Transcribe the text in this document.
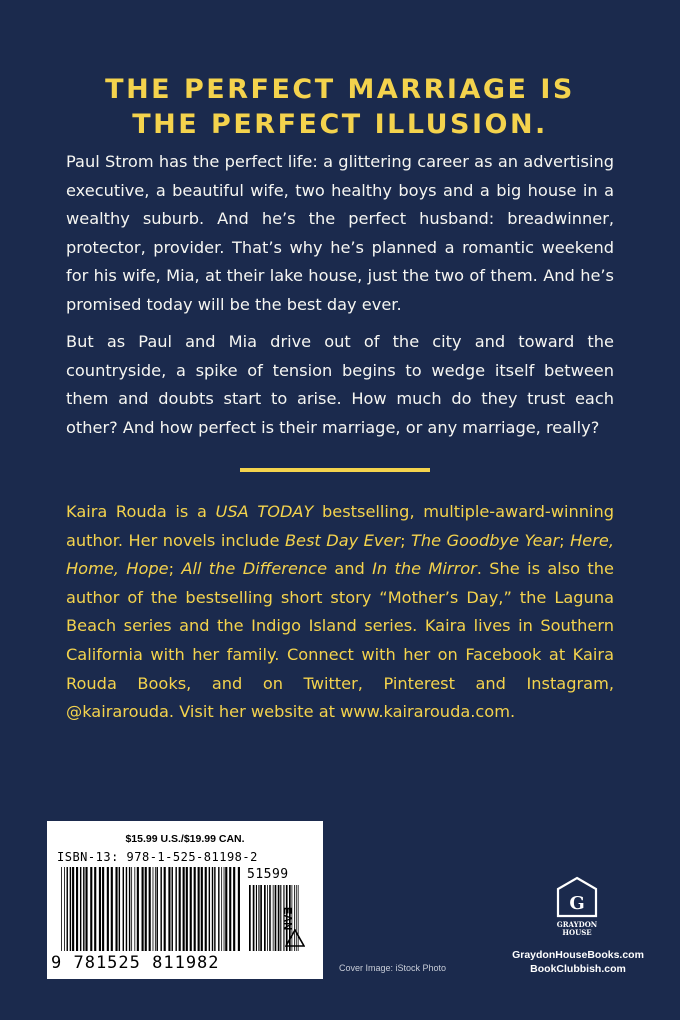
THE PERFECT MARRIAGE IS
THE PERFECT ILLUSION.

Paul Strom has the perfect life: a glittering career as an advertising executive, a beautiful wife, two healthy boys and a big house in a wealthy suburb. And he’s the perfect husband: breadwinner, protector, provider. That’s why he’s planned a romantic weekend for his wife, Mia, at their lake house, just the two of them. And he’s promised today will be the best day ever.

But as Paul and Mia drive out of the city and toward the countryside, a spike of tension begins to wedge itself between them and doubts start to arise. How much do they trust each other? And how perfect is their marriage, or any marriage, really?

Kaira Rouda is a USA TODAY bestselling, multiple-award-winning author. Her novels include Best Day Ever; The Goodbye Year; Here, Home, Hope; All the Difference and In the Mirror. She is also the author of the bestselling short story “Mother’s Day,” the Laguna Beach series and the Indigo Island series. Kaira lives in Southern California with her family. Connect with her on Facebook at Kaira Rouda Books, and on Twitter, Pinterest and Instagram, @kairarouda. Visit her website at www.kairarouda.com.

$15.99 U.S./$19.99 CAN.
ISBN-13: 978-1-525-81198-2
51599
EAN
9 781525 811982	Cover Image: iStock Photo
G
GRAYDON
HOUSE
GraydonHouseBooks.com
BookClubbish.com
